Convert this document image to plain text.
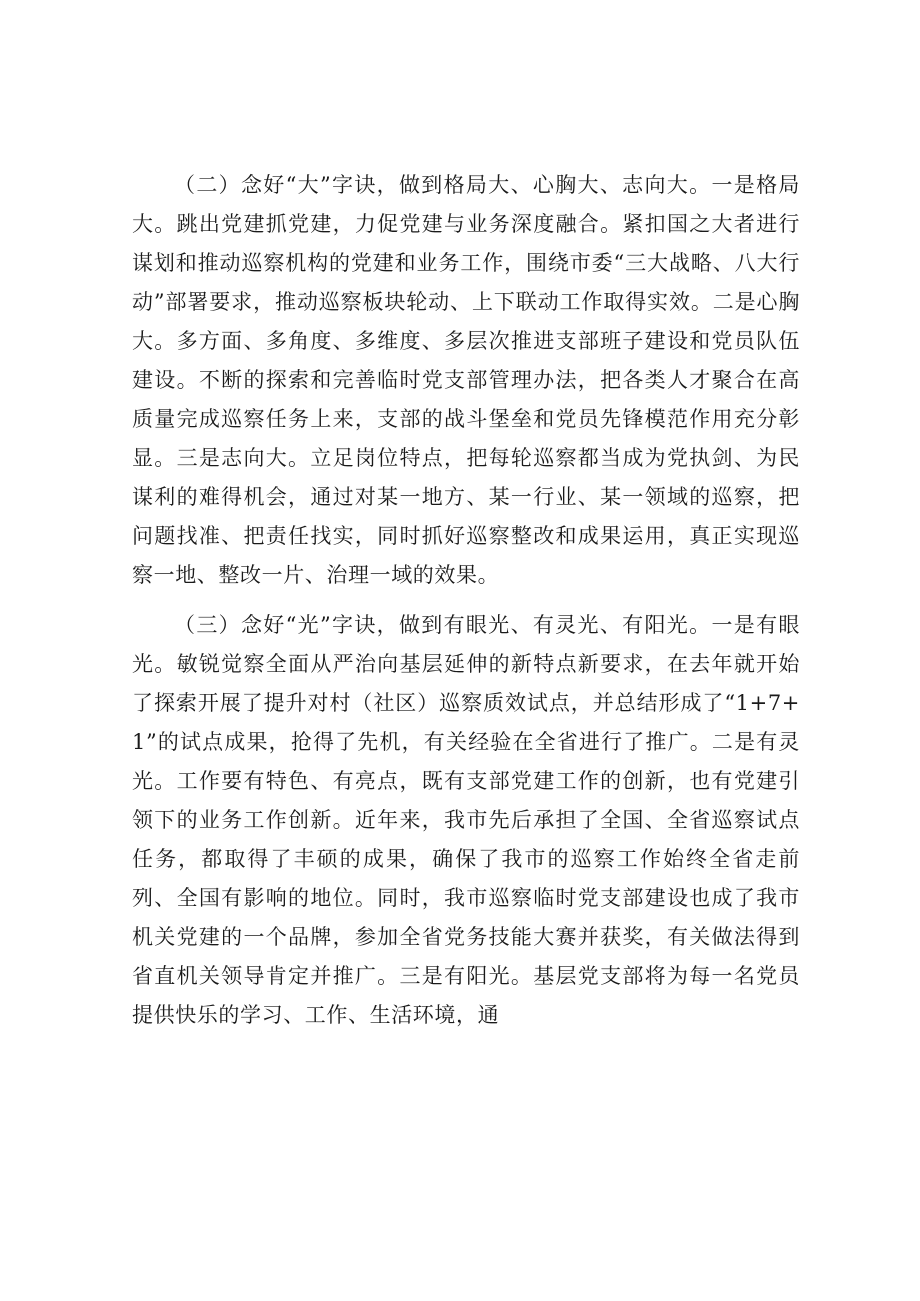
（二）念好“大”字诀，做到格局大、心胸大、志向大。一是格局大。跳出党建抓党建，力促党建与业务深度融合。紧扣国之大者进行谋划和推动巡察机构的党建和业务工作，围绕市委“三大战略、八大行动”部署要求，推动巡察板块轮动、上下联动工作取得实效。二是心胸大。多方面、多角度、多维度、多层次推进支部班子建设和党员队伍建设。不断的探索和完善临时党支部管理办法，把各类人才聚合在高质量完成巡察任务上来，支部的战斗堡垒和党员先锋模范作用充分彰显。三是志向大。立足岗位特点，把每轮巡察都当成为党执剑、为民谋利的难得机会，通过对某一地方、某一行业、某一领域的巡察，把问题找准、把责任找实，同时抓好巡察整改和成果运用，真正实现巡察一地、整改一片、治理一域的效果。

（三）念好“光”字诀，做到有眼光、有灵光、有阳光。一是有眼光。敏锐觉察全面从严治向基层延伸的新特点新要求，在去年就开始了探索开展了提升对村（社区）巡察质效试点，并总结形成了“1+7+1”的试点成果，抢得了先机，有关经验在全省进行了推广。二是有灵光。工作要有特色、有亮点，既有支部党建工作的创新，也有党建引领下的业务工作创新。近年来，我市先后承担了全国、全省巡察试点任务，都取得了丰硕的成果，确保了我市的巡察工作始终全省走前列、全国有影响的地位。同时，我市巡察临时党支部建设也成了我市机关党建的一个品牌，参加全省党务技能大赛并获奖，有关做法得到省直机关领导肯定并推广。三是有阳光。基层党支部将为每一名党员提供快乐的学习、工作、生活环境，通
